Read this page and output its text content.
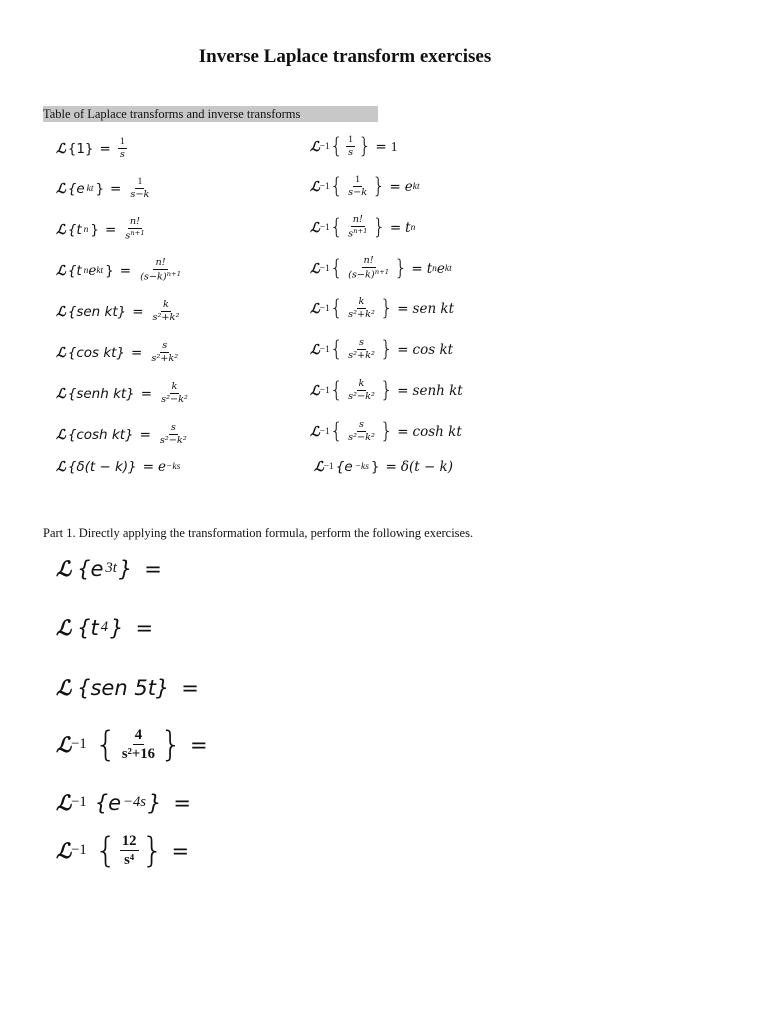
Inverse Laplace transform exercises
Table of Laplace transforms and inverse transforms
ℒ $\{1\} = \frac{1}{s}$	ℒ −1 { $\frac{1}{s}$ } = 1
ℒ {e kt } = $\frac{1}{s-k}$	ℒ −1 { $\frac{1}{s-k}$ } = e kt
ℒ {t n } = $\frac{n!}{s^{n+1}}$	ℒ −1 { $\frac{n!}{s^{n+1}}$ } = t n
ℒ {t n e kt } = $\frac{n!}{(s-k)^{n+1}}$	ℒ −1 { $\frac{n!}{(s-k)^{n+1}}$ } = t n e kt
ℒ {sen $kt\} = \frac{k}{\text{s²+k²}}$	ℒ −1 { $\frac{k}{\text{s²+k²}}$ } = sen kt
ℒ {cos $kt\} = \frac{s}{\text{s²+k²}}$	ℒ −1 { $\frac{s}{\text{s²+k²}}$ } = cos kt
ℒ {senh $kt\} = \frac{k}{\text{s²−k²}}$	ℒ −1 { $\frac{k}{\text{s²−k²}}$ } = senh kt
ℒ {cosh $kt\} = \frac{s}{\text{s²−k²}}$	ℒ −1 { $\frac{s}{\text{s²−k²}}$ } = cosh kt
ℒ {δ(t − k)} = e −ks	ℒ −1 {e −ks } = δ(t − k)
Part 1. Directly applying the transformation formula, perform the following exercises.
ℒ {e 3t } =
ℒ {t 4 } =
ℒ {sen 5t} =
ℒ −1 { $\frac{4}{\text{s²+16}}$ } =
ℒ −1 {e −4s } =
ℒ −1 { $\frac{12}{\text{s⁴}}$ } =
